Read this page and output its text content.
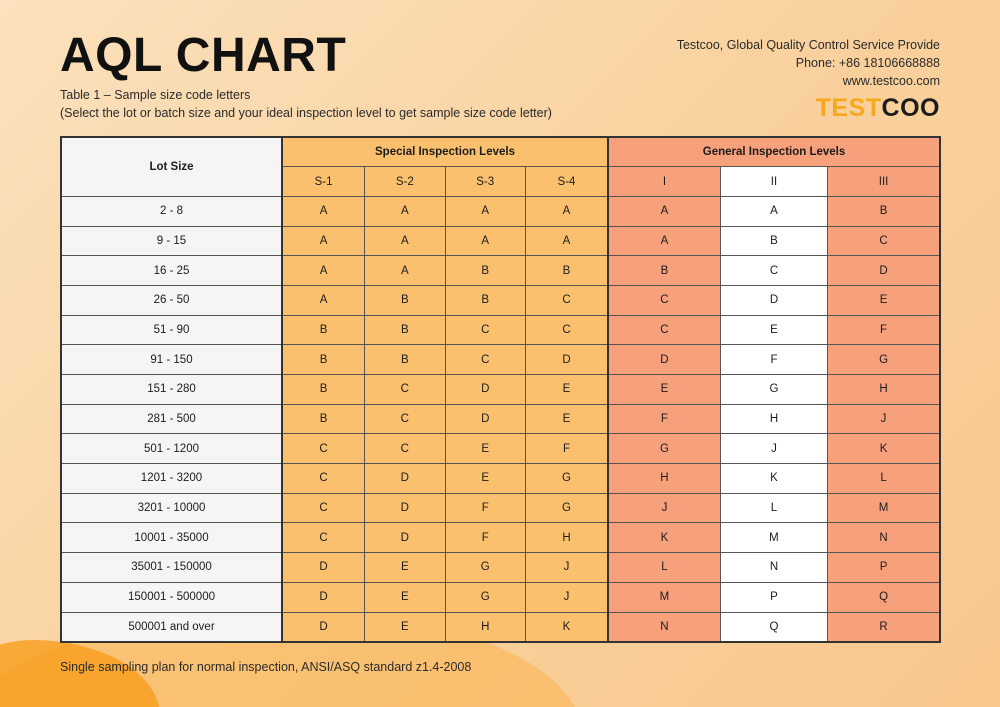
AQL CHART
Table 1 – Sample size code letters
(Select the lot or batch size and your ideal inspection level to get sample size code letter)
Testcoo, Global Quality Control Service Provide
Phone: +86 18106668888
www.testcoo.com
TESTCOO
Lot Size	Special Inspection Levels				General Inspection Levels		
	S-1	S-2	S-3	S-4	I	II	III
2 - 8	A	A	A	A	A	A	B
9 - 15	A	A	A	A	A	B	C
16 - 25	A	A	B	B	B	C	D
26 - 50	A	B	B	C	C	D	E
51 - 90	B	B	C	C	C	E	F
91 - 150	B	B	C	D	D	F	G
151 - 280	B	C	D	E	E	G	H
281 - 500	B	C	D	E	F	H	J
501 - 1200	C	C	E	F	G	J	K
1201 - 3200	C	D	E	G	H	K	L
3201 - 10000	C	D	F	G	J	L	M
10001 - 35000	C	D	F	H	K	M	N
35001 - 150000	D	E	G	J	L	N	P
150001 - 500000	D	E	G	J	M	P	Q
500001 and over	D	E	H	K	N	Q	R
Single sampling plan for normal inspection, ANSI/ASQ standard z1.4-2008
